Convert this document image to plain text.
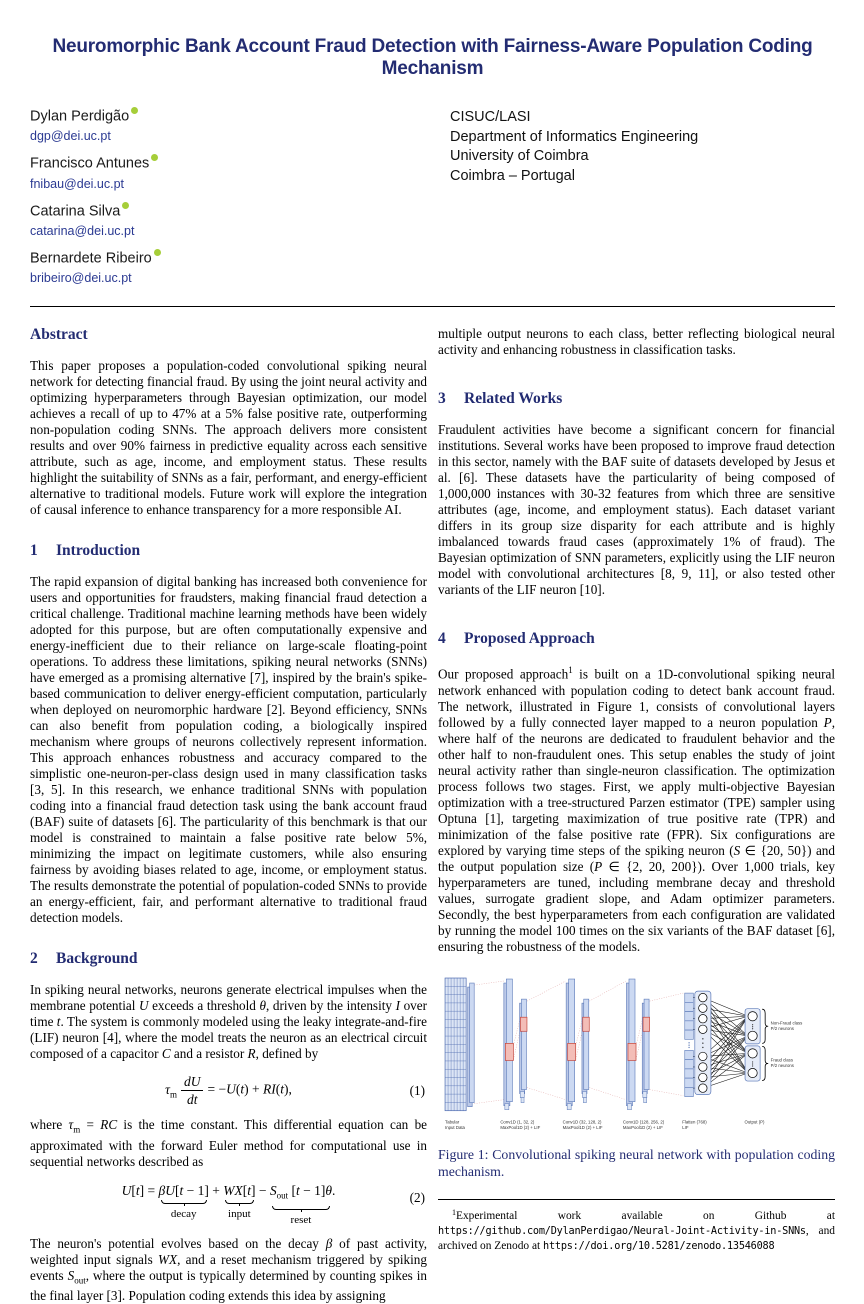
Neuromorphic Bank Account Fraud Detection with Fairness-Aware Population Coding Mechanism
Dylan Perdigão
dgp@dei.uc.pt
Francisco Antunes
fnibau@dei.uc.pt
Catarina Silva
catarina@dei.uc.pt
Bernardete Ribeiro
bribeiro@dei.uc.pt
CISUC/LASI
Department of Informatics Engineering
University of Coimbra
Coimbra – Portugal
Abstract

This paper proposes a population-coded convolutional spiking neural network for detecting financial fraud. By using the joint neural activity and optimizing hyperparameters through Bayesian optimization, our model achieves a recall of up to 47% at a 5% false positive rate, outperforming non-population coding SNNs. The approach delivers more consistent results and over 90% fairness in predictive equality across each sensitive attribute, such as age, income, and employment status. These results highlight the suitability of SNNs as a fair, performant, and energy-efficient alternative to traditional models. Future work will explore the integration of causal inference to enhance transparency for a more responsible AI.

1 Introduction

The rapid expansion of digital banking has increased both convenience for users and opportunities for fraudsters, making financial fraud detection a critical challenge. Traditional machine learning methods have been widely adopted for this purpose, but are often computationally expensive and energy-inefficient due to their reliance on large-scale floating-point operations. To address these limitations, spiking neural networks (SNNs) have emerged as a promising alternative [7], inspired by the brain's spike-based communication to deliver energy-efficient computation, particularly when deployed on neuromorphic hardware [2]. Beyond efficiency, SNNs can also benefit from population coding, a biologically inspired mechanism where groups of neurons collectively represent information. This approach enhances robustness and accuracy compared to the simplistic one-neuron-per-class design used in many classification tasks [3, 5]. In this research, we enhance traditional SNNs with population coding into a financial fraud detection task using the bank account fraud (BAF) suite of datasets [6]. The particularity of this benchmark is that our model is constrained to maintain a false positive rate below 5%, minimizing the impact on legitimate customers, while also ensuring fairness by avoiding biases related to age, income, or employment status. The results demonstrate the potential of population-coded SNNs to provide an energy-efficient, fair, and performant alternative to traditional fraud detection models.

2 Background

In spiking neural networks, neurons generate electrical impulses when the membrane potential U exceeds a threshold θ, driven by the intensity I over time t. The system is commonly modeled using the leaky integrate-and-fire (LIF) neuron [4], where the model treats the neuron as an electrical circuit composed of a capacitor C and a resistor R, defined by

$\tau_m \frac{dU}{dt} = -U(t) + RI(t)$,	(1)

where $\tau_m$ = RC is the time constant. This differential equation can be approximated with the forward Euler method for computational use in sequential networks described as

U[t] = βU[t − 1]
decay
+ WX[t]
input
− $S_{out}$ [t − 1]θ
reset
.	(2)

The neuron's potential evolves based on the decay β of past activity, weighted input signals WX, and a reset mechanism triggered by spiking events $S_{out}$, where the output is typically determined by counting spikes in the final layer [3]. Population coding extends this idea by assigning

multiple output neurons to each class, better reflecting biological neural activity and enhancing robustness in classification tasks.

3 Related Works

Fraudulent activities have become a significant concern for financial institutions. Several works have been proposed to improve fraud detection in this sector, namely with the BAF suite of datasets developed by Jesus et al. [6]. These datasets have the particularity of being composed of 1,000,000 instances with 30-32 features from which three are sensitive attributes (age, income, and employment status). Each dataset variant differs in its group size disparity for each attribute and is highly imbalanced towards fraud cases (approximately 1% of fraud). The Bayesian optimization of SNN parameters, explicitly using the LIF neuron model with convolutional architectures [8, 9, 11], or also tested other variants of the LIF neuron [10].

4 Proposed Approach

Our proposed approach$^1$ is built on a 1D-convolutional spiking neural network enhanced with population coding to detect bank account fraud. The network, illustrated in Figure 1, consists of convolutional layers followed by a fully connected layer mapped to a neuron population P, where half of the neurons are dedicated to fraudulent behavior and the other half to non-fraudulent ones. This setup enables the study of joint neural activity rather than single-neuron classification. The optimization process follows two stages. First, we apply multi-objective Bayesian optimization with a tree-structured Parzen estimator (TPE) sampler using Optuna [1], targeting maximization of true positive rate (TPR) and minimization of the false positive rate (FPR). Six configurations are explored by varying time steps of the spiking neuron (S ∈ {20, 50}) and the output population size (P ∈ {2, 20, 200}). Over 1,000 trials, key hyperparameters are tuned, including membrane decay and threshold values, surrogate gradient slope, and Adam optimizer parameters. Secondly, the best hyperparameters from each configuration are validated by running the model 100 times on the six variants of the BAF dataset [6], ensuring the robustness of the models.

Tabular
Input Data
Conv1D (1, 32, 2)
MaxPool1D (2) + LIF
Conv1D (32, 128, 2)
MaxPool1D (2) + LIF
Conv1D (128, 256, 2)
MaxPool1D (2) + LIF
Flatten (768)
LIF
Output (P)
Non-Fraud class
P/2 neurons
Fraud class
P/2 neurons
Figure 1: Convolutional spiking neural network with population coding mechanism.

$^1$Experimental work available on Github at https://github.com/DylanPerdigao/Neural-Joint-Activity-in-SNNs, and archived on Zenodo at https://doi.org/10.5281/zenodo.13546088
